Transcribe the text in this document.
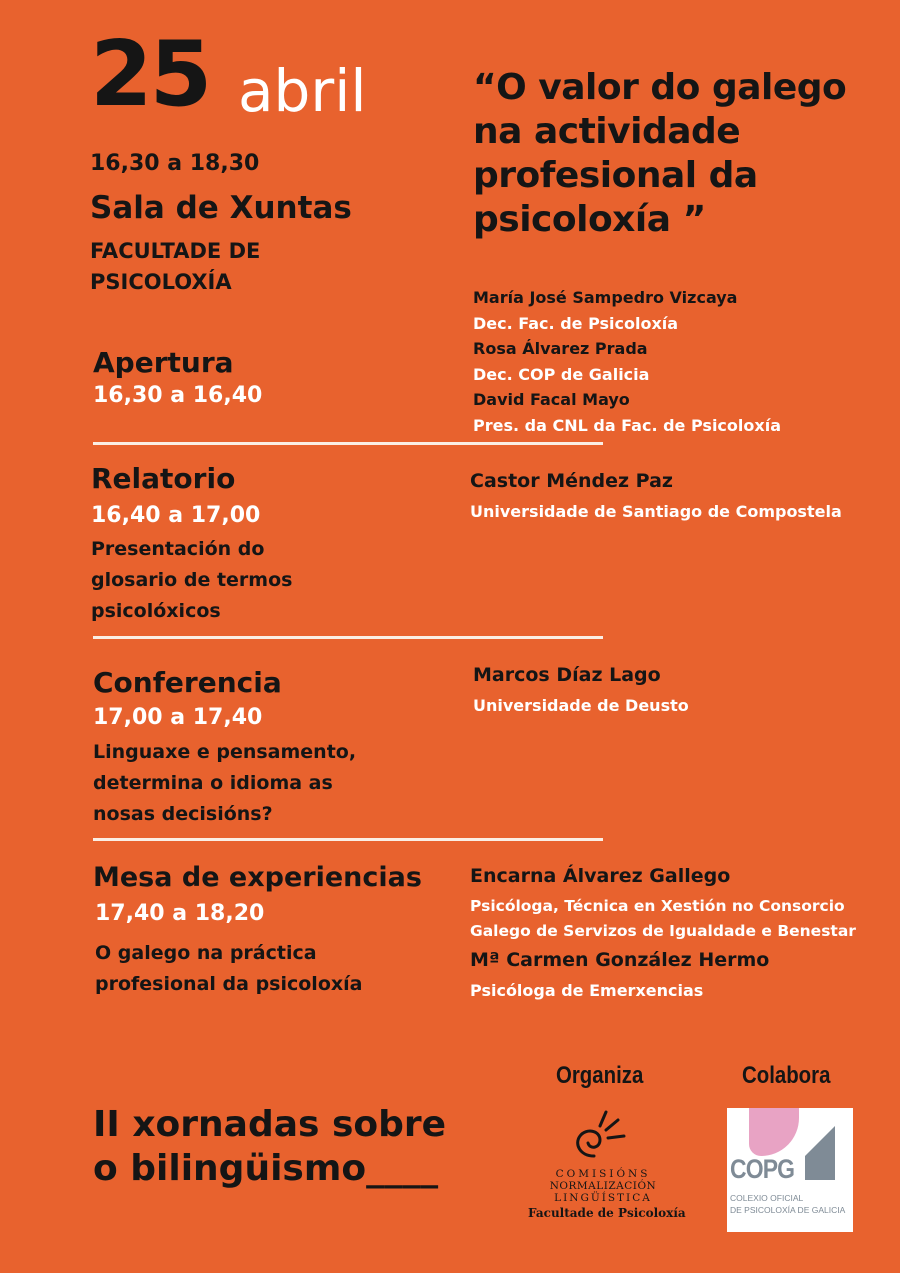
25 abril
16,30 a 18,30
Sala de Xuntas
FACULTADE DE
PSICOLOXÍA
“O valor do galego
na actividade
profesional da
psicoloxía ”
María José Sampedro Vizcaya
Dec. Fac. de Psicoloxía
Rosa Álvarez Prada
Dec. COP de Galicia
David Facal Mayo
Pres. da CNL da Fac. de Psicoloxía
Apertura
16,30 a 16,40
Relatorio
16,40 a 17,00
Presentación do
glosario de termos
psicolóxicos
Castor Méndez Paz
Universidade de Santiago de Compostela
Conferencia
17,00 a 17,40
Linguaxe e pensamento,
determina o idioma as
nosas decisións?
Marcos Díaz Lago
Universidade de Deusto
Mesa de experiencias
17,40 a 18,20
O galego na práctica
profesional da psicoloxía
Encarna Álvarez Gallego
Psicóloga, Técnica en Xestión no Consorcio
Galego de Servizos de Igualdade e Benestar
Mª Carmen González Hermo
Psicóloga de Emerxencias
II xornadas sobre
o bilingüismo____
Organiza	Colabora
COMISIÓNS
NORMALIZACIÓN
LINGÜÍSTICA
Facultade de Psicoloxía
COPG
COLEXIO OFICIAL
DE PSICOLOXÍA DE GALICIA
